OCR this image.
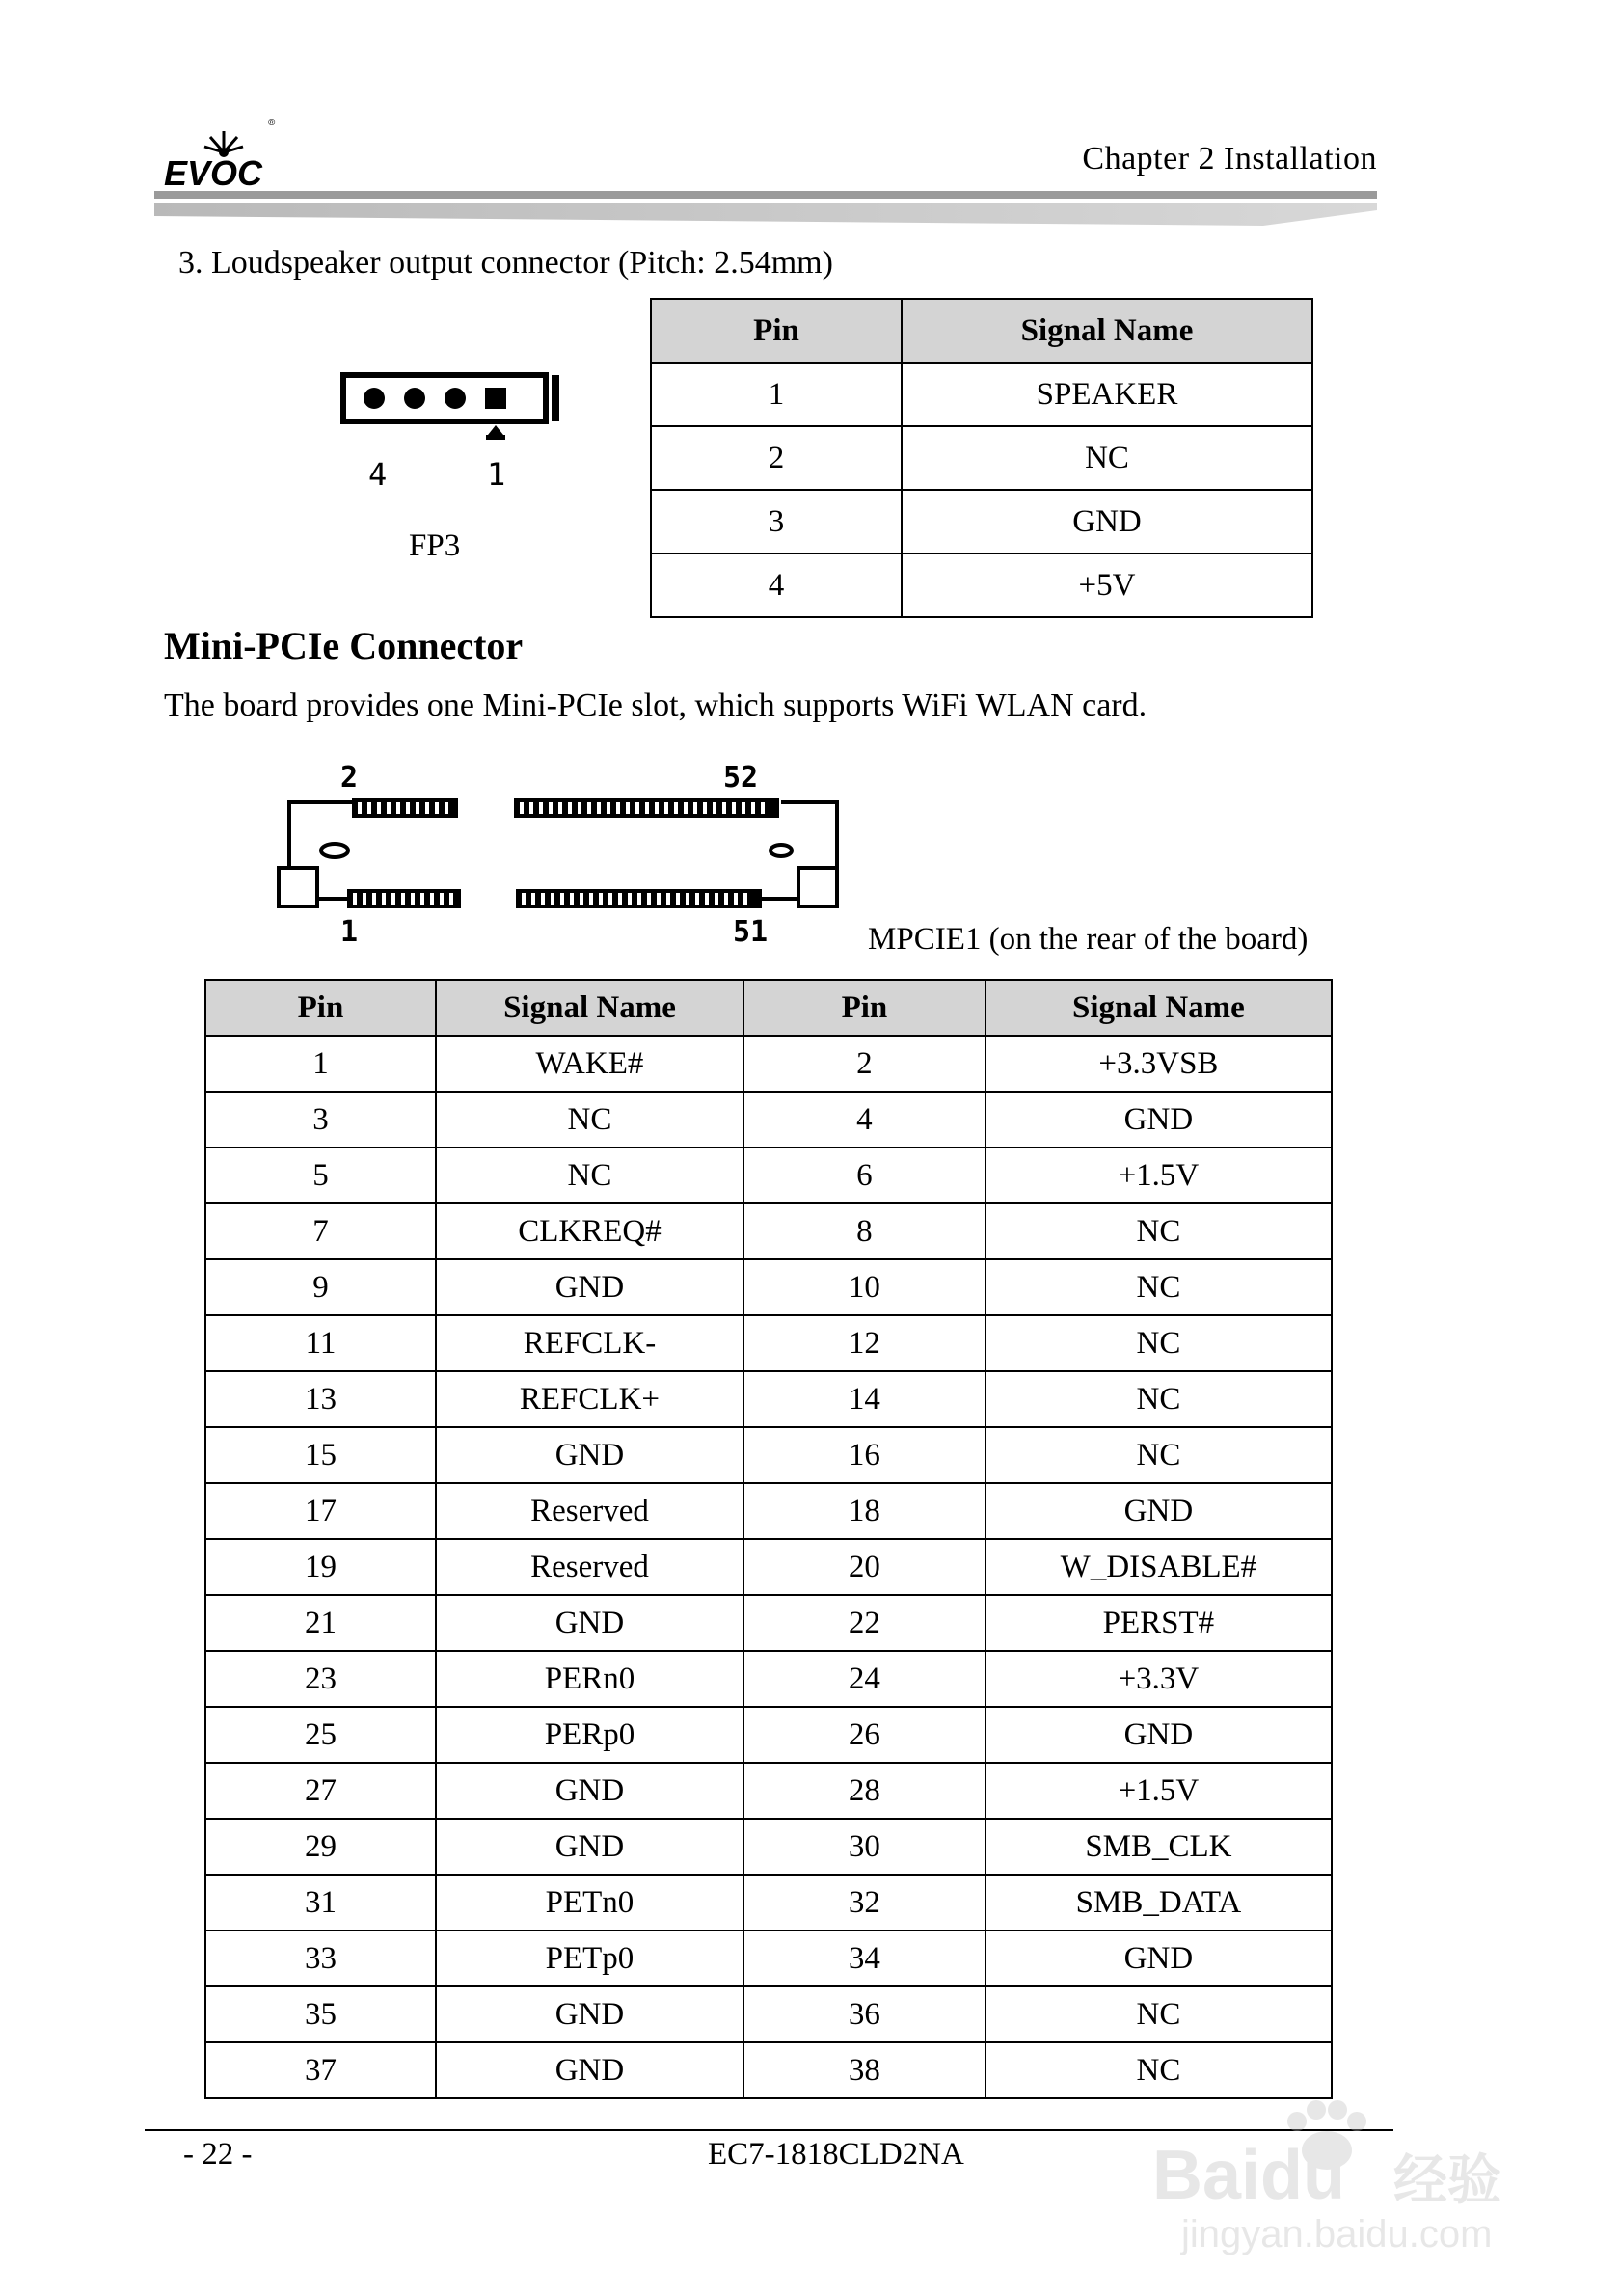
EVOC
®
Chapter 2 Installation
3. Loudspeaker output connector (Pitch: 2.54mm)
4	1
FP3
Pin	Signal Name
1	SPEAKER
2	NC
3	GND
4	+5V
Mini-PCIe Connector
The board provides one Mini-PCIe slot, which supports WiFi WLAN card.
2	52
1	51	MPCIE1 (on the rear of the board)
Pin	Signal Name	Pin	Signal Name
1	WAKE#	2	+3.3VSB
3	NC	4	GND
5	NC	6	+1.5V
7	CLKREQ#	8	NC
9	GND	10	NC
11	REFCLK-	12	NC
13	REFCLK+	14	NC
15	GND	16	NC
17	Reserved	18	GND
19	Reserved	20	W_DISABLE#
21	GND	22	PERST#
23	PERn0	24	+3.3V
25	PERp0	26	GND
27	GND	28	+1.5V
29	GND	30	SMB_CLK
31	PETn0	32	SMB_DATA
33	PETp0	34	GND
35	GND	36	NC
37	GND	38	NC
- 22 -	EC7-1818CLD2NA	Baidu 经验
jingyan.baidu.com
